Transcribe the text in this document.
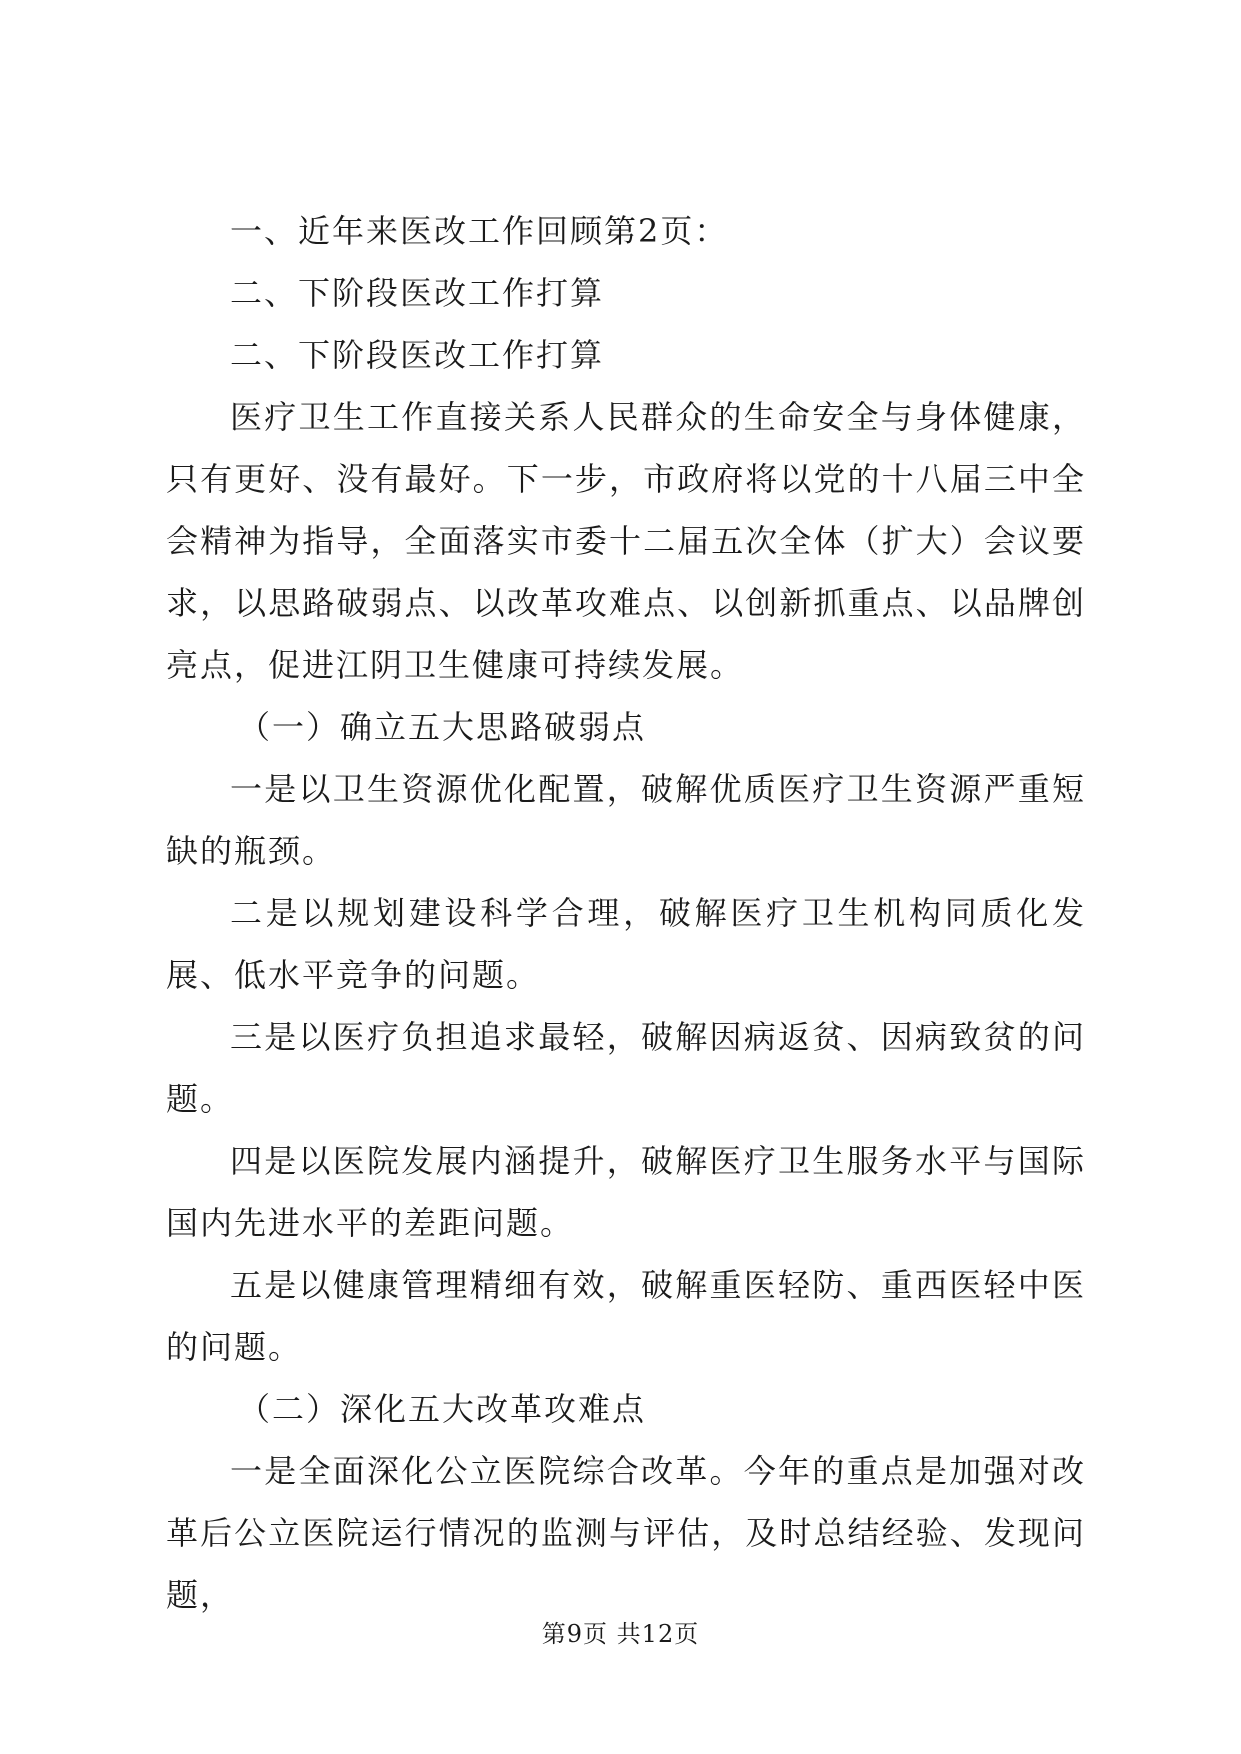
一、近年来医改工作回顾第2页：

二、下阶段医改工作打算

二、下阶段医改工作打算

医疗卫生工作直接关系人民群众的生命安全与身体健康，只有更好、没有最好。下一步，市政府将以党的十八届三中全会精神为指导，全面落实市委十二届五次全体（扩大）会议要求，以思路破弱点、以改革攻难点、以创新抓重点、以品牌创亮点，促进江阴卫生健康可持续发展。

（一）确立五大思路破弱点

一是以卫生资源优化配置，破解优质医疗卫生资源严重短缺的瓶颈。

二是以规划建设科学合理，破解医疗卫生机构同质化发展、低水平竞争的问题。

三是以医疗负担追求最轻，破解因病返贫、因病致贫的问题。

四是以医院发展内涵提升，破解医疗卫生服务水平与国际国内先进水平的差距问题。

五是以健康管理精细有效，破解重医轻防、重西医轻中医的问题。

（二）深化五大改革攻难点

一是全面深化公立医院综合改革。今年的重点是加强对改革后公立医院运行情况的监测与评估，及时总结经验、发现问题，

第9页 共12页
